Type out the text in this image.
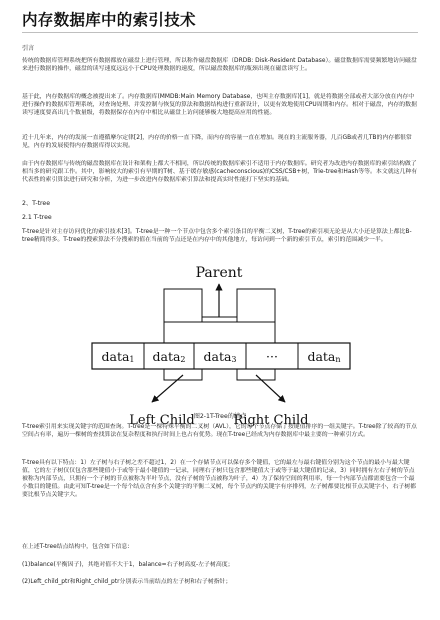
内存数据库中的索引技术

引言

传统的数据库管理系统把所有数据都放在磁盘上进行管理，所以称作磁盘数据库（DRDB: Disk-Resident Database）。磁盘数据库需要频繁地访问磁盘来进行数据的操作，磁盘的读写速度远远小于CPU处理数据的速度，所以磁盘数据库的瓶颈出现在磁盘读写上。

基于此，内存数据库的概念被提出来了。内存数据库(MMDB:Main Memory Database，也叫主存数据库)[1]，就是将数据全部或者大部分放在内存中进行操作的数据库管理系统，对查询处理、并发控制与恢复的算法和数据结构进行重新设计，以更有效地使用CPU周期和内存。相对于磁盘，内存的数据读写速度要高出几个数量级，将数据保存在内存中相比从磁盘上访问能够极大地提高应用的性能。

近十几年来，内存的发展一直遵循摩尔定律[2]，内存的价格一直下降，而内存的容量一直在增加。现在的主流服务器，几百GB或者几TB的内存都很常见，内存的发展使得内存数据库得以实现。

由于内存数据库与传统的磁盘数据库在设计和架构上都大不相同，所以传统的数据库索引不适用于内存数据库。研究者为改进内存数据库的索引结构做了相当多的研究跟工作。其中，影响较大的索引有早期的T树、基于缓存敏感(cacheconscious)的CSS/CSB+树，Trie-tree和Hash等等。本文就这几种有代表性的索引算法进行研究和分析，为进一步改进内存数据库索引算法和提高实时性能打下坚实的基础。

2、T-tree

2.1 T-tree

T-tree是针对主存访问优化的索引技术[3]。T-tree是一种一个节点中包含多个索引条目的平衡二叉树，T-tree的索引项无论是从大小还是算法上都比B-tree精简得多。T-tree的搜索算法不分搜索的值在当前的节点还是在内存中的其他地方，每访问到一个新的索引节点，索引的范围减少一半。

Parent
data1 data2 data3 ··· datan
Left Child	Right Child
图2-1T-Tree的结点

T-tree索引用来实现关键字的范围查询。T-tree是一棵特殊平衡的二叉树（AVL），它的每个节点存储了按键值排序的一组关键字。T-tree除了较高的节点空间占有率，遍历一棵树的查找算法在复杂程度和执行时间上也占有优势。现在T-tree已经成为内存数据库中最主要的一种索引方式。

T-tree具有以下特点：1）左子树与右子树之差不超过1，2）在一个存储节点可以保存多个键值，它的最左与最右键值分别为这个节点的最小与最大键值，它的左子树仅仅包含那些键值小于或等于最小键值的一记录，同理右子树只包含那些键值大于或等于最大键值的记录，3）同时拥有左右子树的节点被称为内部节点，只拥有一个子树的节点被称为半叶节点，没有子树的节点被称为叶子，4）为了保持空间的利用率，每一个内部节点都需要包含一个最小数目的键值。由此可知T-tree是一个每个结点含有多个关键字的平衡二叉树，每个节点内的关键字有序排列，左子树都要比根节点关键字小，右子树都要比根节点关键字大。

在上述T-tree结点结构中，包含如下信息:

(1)balance(平衡因子)，其绝对值不大于1，balance=右子树高度-左子树高度；

(2)Left_child_ptr和Right_child_ptr分别表示当前结点的左子树和右子树指针；
